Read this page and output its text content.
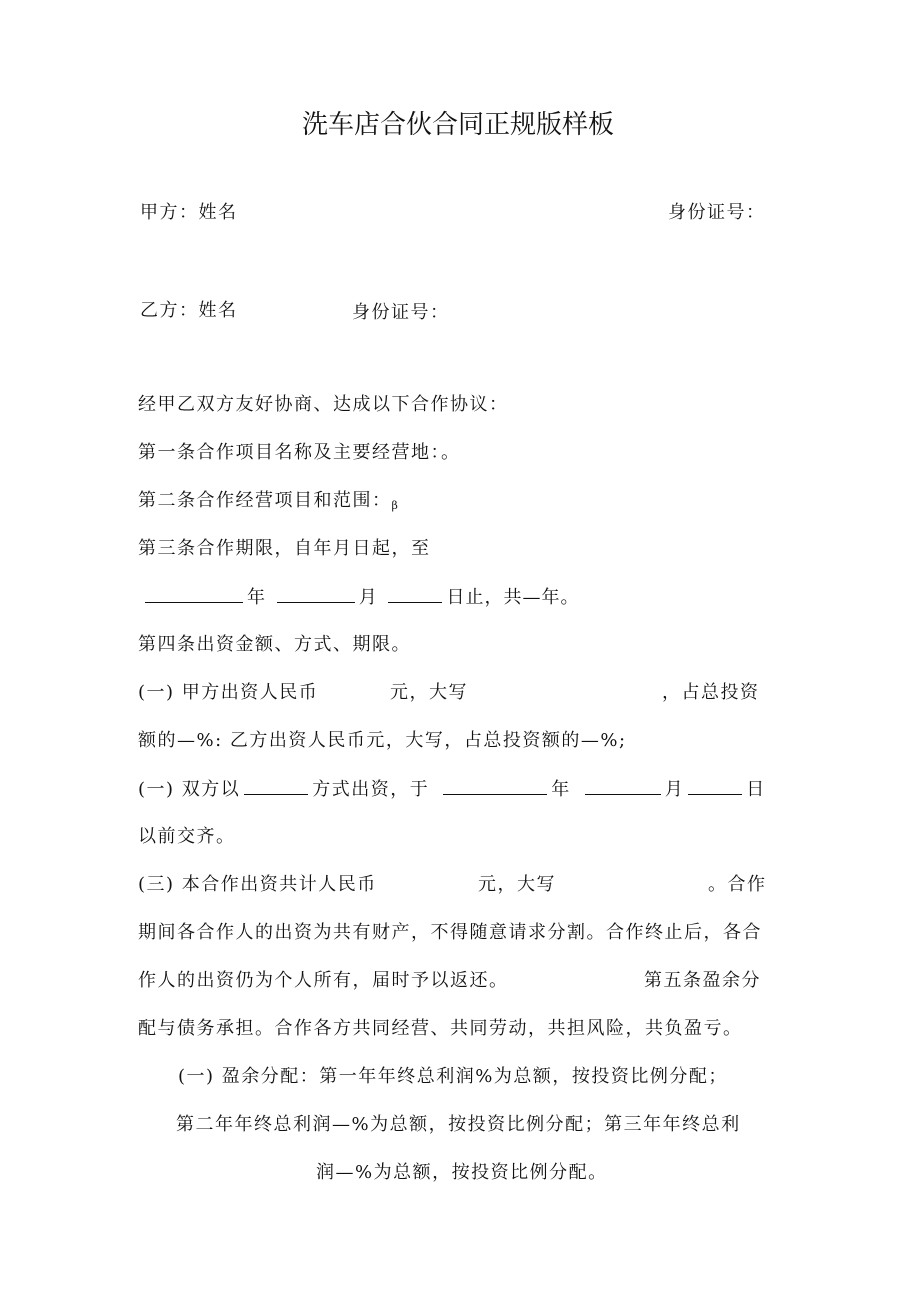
洗车店合伙合同正规版样板
甲方：姓名	身份证号：
乙方：姓名	身份证号：
经甲乙双方友好协商、达成以下合作协议：
第一条合作项目名称及主要经营地：。
第二条合作经营项目和范围：$_\beta$
第三条合作期限，自年月日起，至
年	月	日止，共—年。
第四条出资金额、方式、期限。
(一) 甲方出资人民币	元，大写	，占总投资
额的—%: 乙方出资人民币元，大写，占总投资额的—%;
(一) 双方以	方式出资，于	年	月	日
以前交齐。
(三) 本合作出资共计人民币	元，大写	。合作
期间各合作人的出资为共有财产，不得随意请求分割。合作终止后，各合
作人的出资仍为个人所有，届时予以返还。	第五条盈余分
配与债务承担。合作各方共同经营、共同劳动，共担风险，共负盈亏。
(一) 盈余分配：第一年年终总利润%为总额，按投资比例分配；
第二年年终总利润—%为总额，按投资比例分配；第三年年终总利
润—%为总额，按投资比例分配。
